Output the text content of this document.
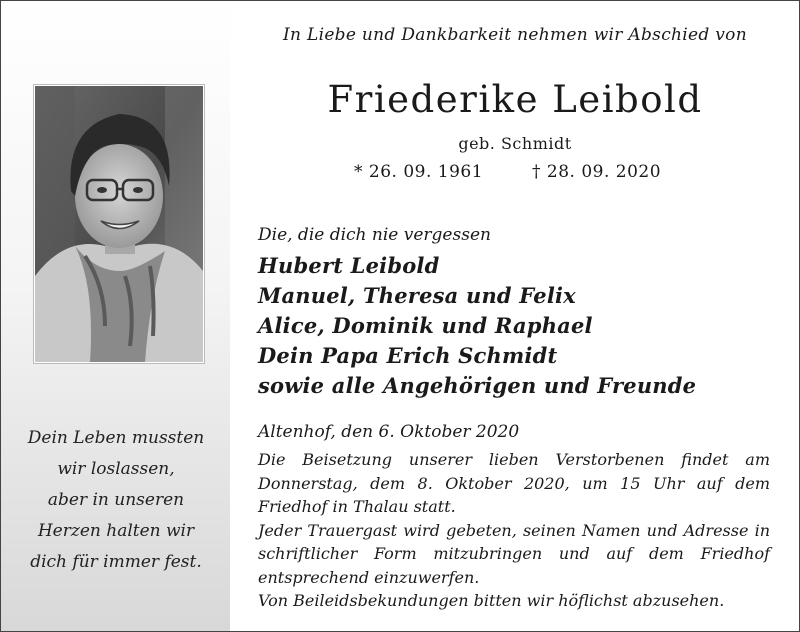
Dein Leben mussten
wir loslassen,
aber in unseren
Herzen halten wir
dich für immer fest.
In Liebe und Dankbarkeit nehmen wir Abschied von
Friederike Leibold
geb. Schmidt
* 26. 09. 1961	† 28. 09. 2020
Die, die dich nie vergessen
Hubert Leibold
Manuel, Theresa und Felix
Alice, Dominik und Raphael
Dein Papa Erich Schmidt
sowie alle Angehörigen und Freunde
Altenhof, den 6. Oktober 2020

Die Beisetzung unserer lieben Verstorbenen findet am Donnerstag, dem 8. Oktober 2020, um 15 Uhr auf dem Friedhof in Thalau statt.

Jeder Trauergast wird gebeten, seinen Namen und Adresse in schriftlicher Form mitzubringen und auf dem Friedhof entsprechend einzuwerfen.

Von Beileidsbekundungen bitten wir höflichst abzusehen.
